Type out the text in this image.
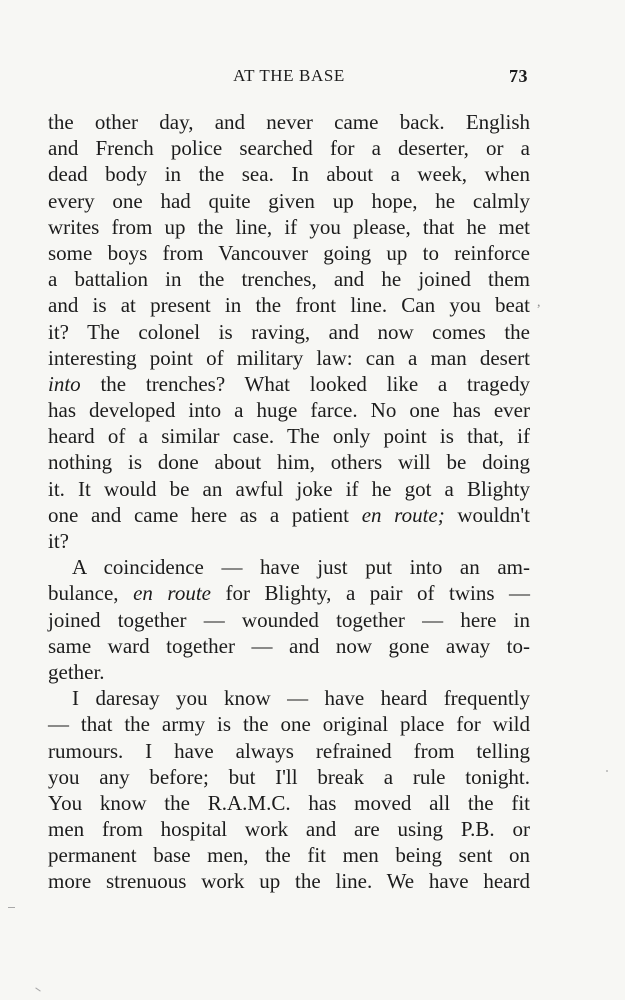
AT THE BASE	73
the other day, and never came back. English
and French police searched for a deserter, or a
dead body in the sea. In about a week, when
every one had quite given up hope, he calmly
writes from up the line, if you please, that he met
some boys from Vancouver going up to reinforce
a battalion in the trenches, and he joined them
and is at present in the front line. Can you beat
it? The colonel is raving, and now comes the
interesting point of military law: can a man desert
into the trenches? What looked like a tragedy
has developed into a huge farce. No one has ever
heard of a similar case. The only point is that, if
nothing is done about him, others will be doing
it. It would be an awful joke if he got a Blighty
one and came here as a patient en route; wouldn't
it?
A coincidence — have just put into an am-
bulance, en route for Blighty, a pair of twins —
joined together — wounded together — here in
same ward together — and now gone away to-
gether.
I daresay you know — have heard frequently
— that the army is the one original place for wild
rumours. I have always refrained from telling
you any before; but I'll break a rule tonight.
You know the R.A.M.C. has moved all the fit
men from hospital work and are using P.B. or
permanent base men, the fit men being sent on
more strenuous work up the line. We have heard
,
